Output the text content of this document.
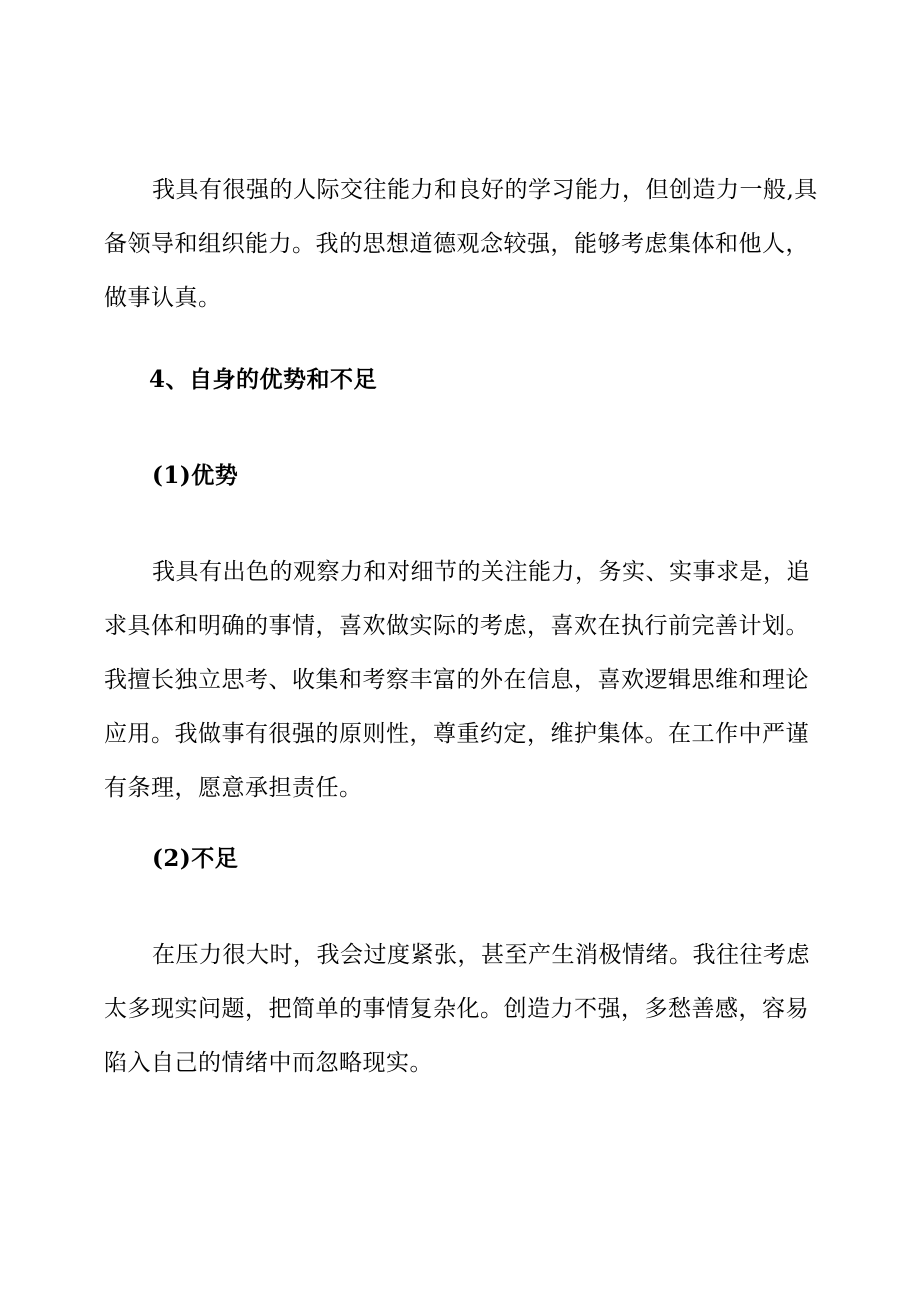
我具有很强的人际交往能力和良好的学习能力，但创造力一般,具备领导和组织能力。我的思想道德观念较强，能够考虑集体和他人，做事认真。

4、自身的优势和不足
(1)优势

我具有出色的观察力和对细节的关注能力，务实、实事求是，追求具体和明确的事情，喜欢做实际的考虑，喜欢在执行前完善计划。我擅长独立思考、收集和考察丰富的外在信息，喜欢逻辑思维和理论应用。我做事有很强的原则性，尊重约定，维护集体。在工作中严谨有条理，愿意承担责任。

(2)不足

在压力很大时，我会过度紧张，甚至产生消极情绪。我往往考虑太多现实问题，把简单的事情复杂化。创造力不强，多愁善感，容易陷入自己的情绪中而忽略现实。
